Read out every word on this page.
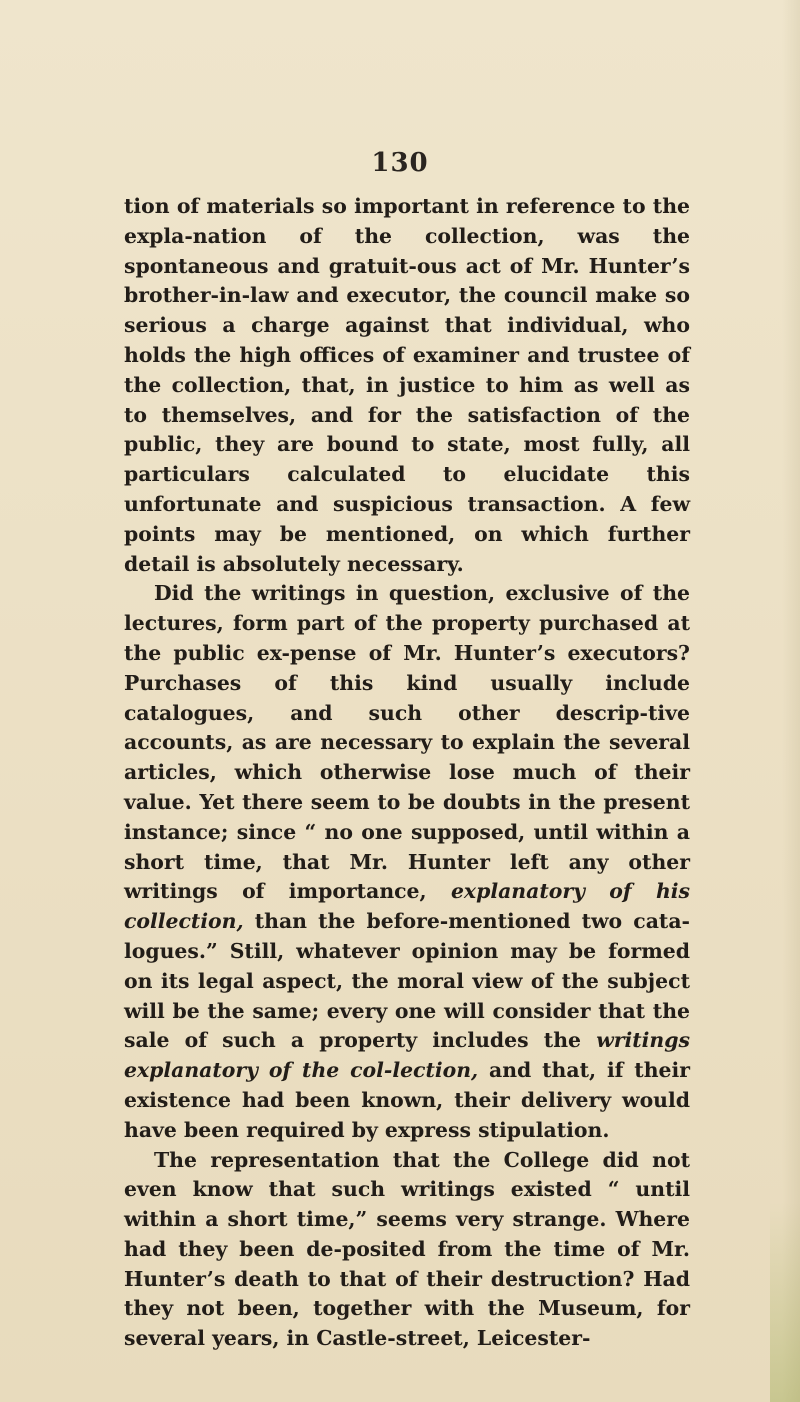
130

tion of materials so important in reference to the expla-nation of the collection, was the spontaneous and gratuit-ous act of Mr. Hunter’s brother-in-law and executor, the council make so serious a charge against that individual, who holds the high offices of examiner and trustee of the collection, that, in justice to him as well as to themselves, and for the satisfaction of the public, they are bound to state, most fully, all particulars calculated to elucidate this unfortunate and suspicious transaction. A few points may be mentioned, on which further detail is absolutely necessary.

Did the writings in question, exclusive of the lectures, form part of the property purchased at the public ex-pense of Mr. Hunter’s executors? Purchases of this kind usually include catalogues, and such other descrip-tive accounts, as are necessary to explain the several articles, which otherwise lose much of their value. Yet there seem to be doubts in the present instance; since “ no one supposed, until within a short time, that Mr. Hunter left any other writings of importance, explanatory of his collection, than the before-mentioned two cata-logues.” Still, whatever opinion may be formed on its legal aspect, the moral view of the subject will be the same; every one will consider that the sale of such a property includes the writings explanatory of the col-lection, and that, if their existence had been known, their delivery would have been required by express stipulation.

The representation that the College did not even know that such writings existed “ until within a short time,” seems very strange. Where had they been de-posited from the time of Mr. Hunter’s death to that of their destruction? Had they not been, together with the Museum, for several years, in Castle-street, Leicester-
